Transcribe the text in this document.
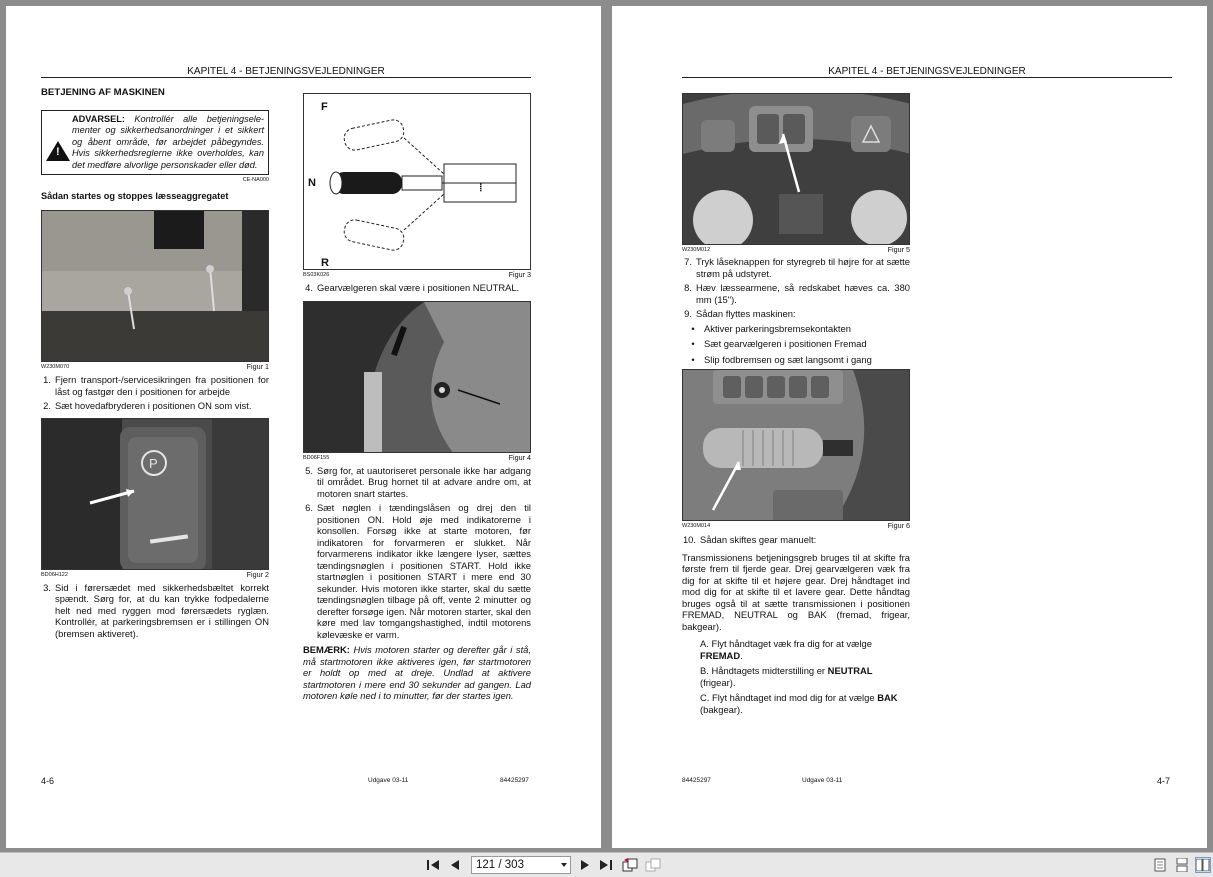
KAPITEL 4 - BETJENINGSVEJLEDNINGER
BETJENING AF MASKINEN
!
ADVARSEL: Kontrollér alle betjeningsele-menter og sikkerhedsanordninger i et sikkert og åbent område, før arbejdet påbegyndes. Hvis sikkerhedsreglerne ikke overholdes, kan det medføre alvorlige personskader eller død.
CE-NA000
Sådan startes og stoppes læsseaggregatet
W230M070	Figur 1
1. Fjern transport-/servicesikringen fra positionen for låst og fastgør den i positionen for arbejde
2. Sæt hovedafbryderen i positionen ON som vist.
P
BD06H122	Figur 2
3. Sid i førersædet med sikkerhedsbæltet korrekt spændt. Sørg for, at du kan trykke fodpedalerne helt ned med ryggen mod førersædets ryglæn. Kontrollér, at parkeringsbremsen er i stillingen ON (bremsen aktiveret).
F
N
R
▪▪▪▪
BS03K026	Figur 3
4. Gearvælgeren skal være i positionen NEUTRAL.
BD06F155	Figur 4
5. Sørg for, at uautoriseret personale ikke har adgang til området. Brug hornet til at advare andre om, at motoren snart startes.
6. Sæt nøglen i tændingslåsen og drej den til positionen ON. Hold øje med indikatorerne i konsollen. Forsøg ikke at starte motoren, før indikatoren for forvarmeren er slukket. Når forvarmerens indikator ikke længere lyser, sættes tændingsnøglen i positionen START. Hold ikke startnøglen i positionen START i mere end 30 sekunder. Hvis motoren ikke starter, skal du sætte tændingsnøglen tilbage på off, vente 2 minutter og derefter forsøge igen. Når motoren starter, skal den køre med lav tomgangshastighed, indtil motorens kølevæske er varm.
BEMÆRK: Hvis motoren starter og derefter går i stå, må startmotoren ikke aktiveres igen, før startmotoren er holdt op med at dreje. Undlad at aktivere startmotoren i mere end 30 sekunder ad gangen. Lad motoren køle ned i to minutter, før der startes igen.
4-6	Udgave 03-11	84425297
KAPITEL 4 - BETJENINGSVEJLEDNINGER
W230M012	Figur 5
7. Tryk låseknappen for styregreb til højre for at sætte strøm på udstyret.
8. Hæv læssearmene, så redskabet hæves ca. 380 mm (15").
9. Sådan flyttes maskinen:
• Aktiver parkeringsbremsekontakten
• Sæt gearvælgeren i positionen Fremad
• Slip fodbremsen og sæt langsomt i gang
W230M014	Figur 6
10. Sådan skiftes gear manuelt:

Transmissionens betjeningsgreb bruges til at skifte fra første frem til fjerde gear. Drej gearvælgeren væk fra dig for at skifte til et højere gear. Drej håndtaget ind mod dig for at skifte til et lavere gear. Dette håndtag bruges også til at sætte transmissionen i positionen FREMAD, NEUTRAL og BAK (fremad, frigear, bakgear).

A. Flyt håndtaget væk fra dig for at vælge FREMAD.
B. Håndtagets midterstilling er NEUTRAL (frigear).
C. Flyt håndtaget ind mod dig for at vælge BAK (bakgear).
84425297	Udgave 03-11	4-7
121 / 303
